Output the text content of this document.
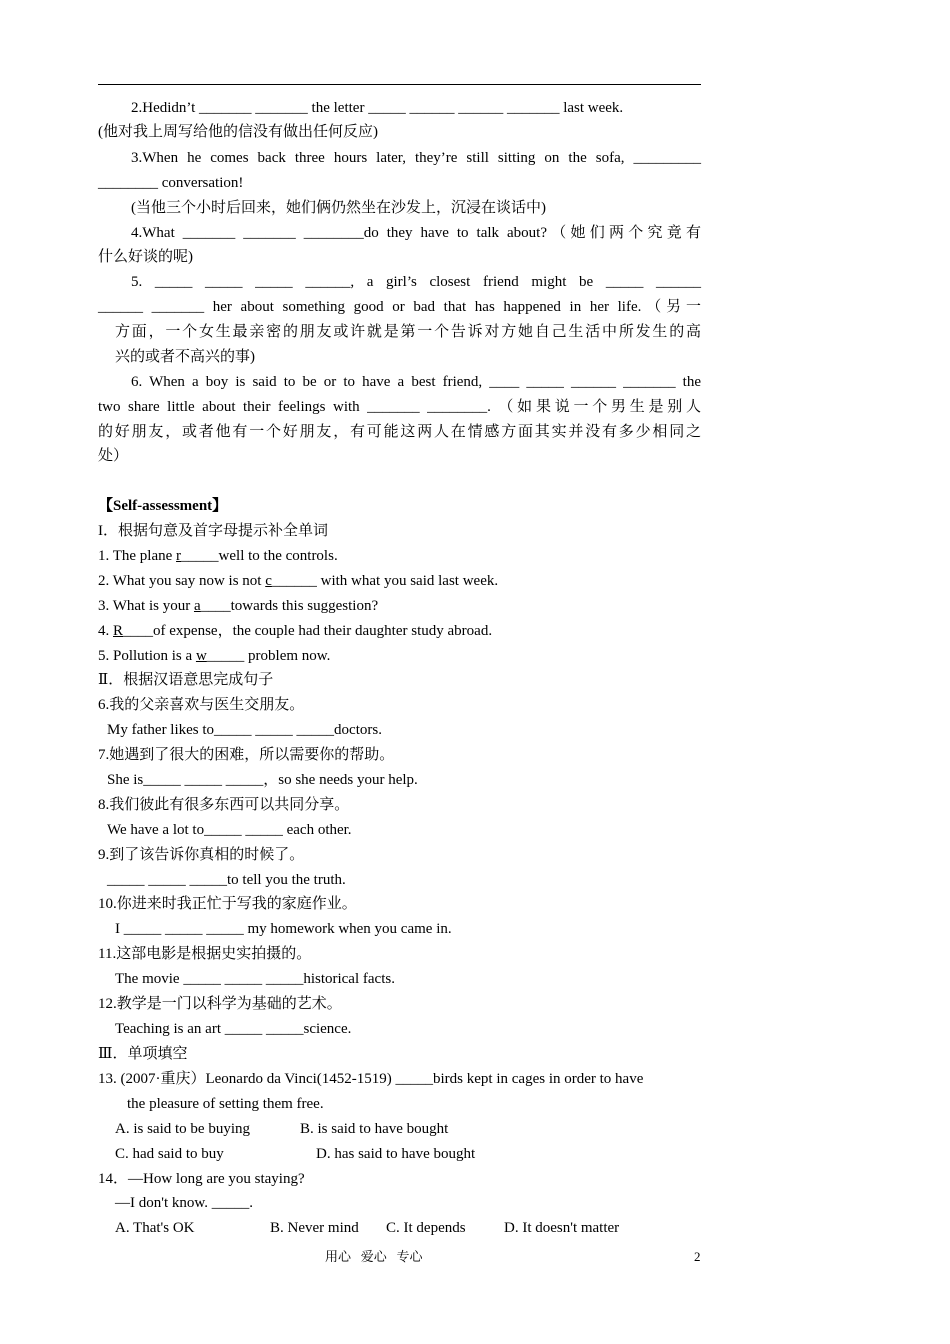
2.Hedidn’t _______ _______ the letter _____ ______ ______ _______ last week.
(他对我上周写给他的信没有做出任何反应)
3.When he comes back three hours later, they’re still sitting on the sofa, _________
________ conversation!
(当他三个小时后回来，她们俩仍然坐在沙发上，沉浸在谈话中)
4.What _______ _______ ________do they have to talk about?（她们两个究竟有
什么好谈的呢)
5. _____ _____ _____ ______, a girl’s closest friend might be _____ ______
______ _______ her about something good or bad that has happened in her life.（另一
方面，一个女生最亲密的朋友或许就是第一个告诉对方她自己生活中所发生的高
兴的或者不高兴的事)
6. When a boy is said to be or to have a best friend, ____ _____ ______ _______ the
two share little about their feelings with _______ ________. （如果说一个男生是别人
的好朋友，或者他有一个好朋友，有可能这两人在情感方面其实并没有多少相同之
处）
【Self-assessment】
I．根据句意及首字母提示补全单词
1. The plane r_____well to the controls.
2. What you say now is not c______ with what you said last week.
3. What is your a____towards this suggestion?
4. R____of expense，the couple had their daughter study abroad.
5. Pollution is a w_____ problem now.
Ⅱ．根据汉语意思完成句子
6.我的父亲喜欢与医生交朋友。
My father likes to_____ _____ _____doctors.
7.她遇到了很大的困难，所以需要你的帮助。
She is_____ _____ _____，so she needs your help.
8.我们彼此有很多东西可以共同分享。
We have a lot to_____ _____ each other.
9.到了该告诉你真相的时候了。
_____ _____ _____to tell you the truth.
10.你进来时我正忙于写我的家庭作业。
I _____ _____ _____ my homework when you came in.
11.这部电影是根据史实拍摄的。
The movie _____ _____ _____historical facts.
12.教学是一门以科学为基础的艺术。
Teaching is an art _____ _____science.
Ⅲ．单项填空
13. (2007·重庆）Leonardo da Vinci(1452-1519) _____birds kept in cages in order to have
the pleasure of setting them free.
A. is said to be buying	B. is said to have bought
C. had said to buy	D. has said to have bought
14．—How long are you staying?
—I don't know. _____.
A. That's OK	B. Never mind C. It depends	D. It doesn't matter
用心   爱心   专心	2
